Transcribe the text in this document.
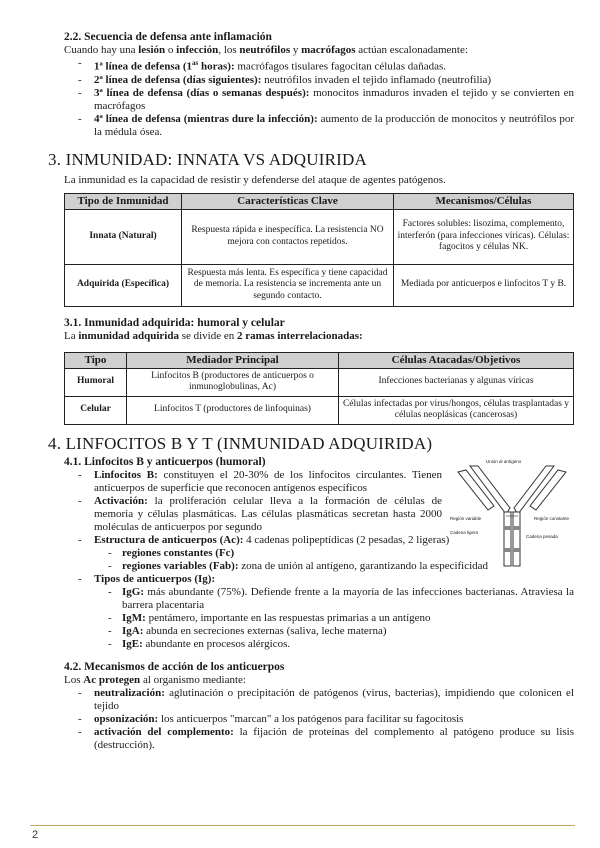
2.2. Secuencia de defensa ante inflamación

Cuando hay una lesión o infección, los neutrófilos y macrófagos actúan escalonadamente:

- 1ª línea de defensa ($1^{as}$ horas): macrófagos tisulares fagocitan células dañadas.
- 2ª línea de defensa (días siguientes): neutrófilos invaden el tejido inflamado (neutrofilia)
- 3ª línea de defensa (días o semanas después): monocitos inmaduros invaden el tejido y se convierten en macrófagos
- 4ª línea de defensa (mientras dure la infección): aumento de la producción de monocitos y neutrófilos por la médula ósea.
3. INMUNIDAD: INNATA VS ADQUIRIDA

La inmunidad es la capacidad de resistir y defenderse del ataque de agentes patógenos.

Tipo de Inmunidad	Características Clave	Mecanismos/Células
Innata (Natural)	Respuesta rápida e inespecífica. La resistencia NO mejora con contactos repetidos.	Factores solubles: lisozima, complemento, interferón (para infecciones víricas). Células: fagocitos y células NK.
Adquirida (Específica)	Respuesta más lenta. Es específica y tiene capacidad de memoria. La resistencia se incrementa ante un segundo contacto.	Mediada por anticuerpos e linfocitos T y B.

3.1. Inmunidad adquirida: humoral y celular

La inmunidad adquirida se divide en 2 ramas interrelacionadas:

Tipo	Mediador Principal	Células Atacadas/Objetivos
Humoral	Linfocitos B (productores de anticuerpos o inmunoglobulinas, Ac)	Infecciones bacterianas y algunas víricas
Celular	Linfocitos T (productores de linfoquinas)	Células infectadas por virus/hongos, células trasplantadas y células neoplásicas (cancerosas)
4. LINFOCITOS B Y T (INMUNIDAD ADQUIRIDA)

4.1. Linfocitos B y anticuerpos (humoral)

- Linfocitos B: constituyen el 20-30% de los linfocitos circulantes. Tienen anticuerpos de superficie que reconocen antígenos específicos
- Activación: la proliferación celular lleva a la formación de células de memoria y células plasmáticas. Las células plasmáticas secretan hasta 2000 moléculas de anticuerpos por segundo
- Estructura de anticuerpos (Ac): 4 cadenas polipeptídicas (2 pesadas, 2 ligeras)
- regiones constantes (Fc)
- regiones variables (Fab): zona de unión al antígeno, garantizando la especificidad
- Tipos de anticuerpos (Ig):
- IgG: más abundante (75%). Defiende frente a la mayoría de las infecciones bacterianas. Atraviesa la barrera placentaria
- IgM: pentámero, importante en las respuestas primarias a un antígeno
- IgA: abunda en secreciones externas (saliva, leche materna)
- IgE: abundante en procesos alérgicos.

4.2. Mecanismos de acción de los anticuerpos

Los Ac protegen al organismo mediante:

- neutralización: aglutinación o precipitación de patógenos (virus, bacterias), impidiendo que colonicen el tejido
- opsonización: los anticuerpos "marcan" a los patógenos para facilitar su fagocitosis
- activación del complemento: la fijación de proteínas del complemento al patógeno produce su lisis (destrucción).
Unión al antígeno
Región variable	Región constante
Cadena ligera
Cadena pesada
2
